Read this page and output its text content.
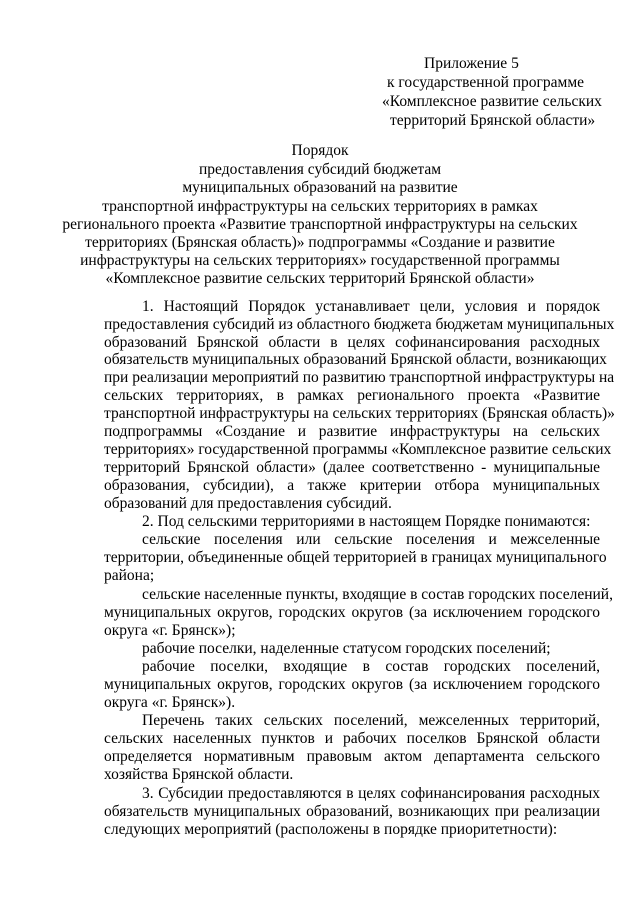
Приложение 5

к государственной программе

«Комплексное развитие сельских

территорий Брянской области»

Порядок

предоставления субсидий бюджетам

муниципальных образований на развитие

транспортной инфраструктуры на сельских территориях в рамках

регионального проекта «Развитие транспортной инфраструктуры на сельских

территориях (Брянская область)» подпрограммы «Создание и развитие

инфраструктуры на сельских территориях» государственной программы

«Комплексное развитие сельских территорий Брянской области»

1. Настоящий Порядок устанавливает цели, условия и порядок

предоставления субсидий из областного бюджета бюджетам муниципальных

образований Брянской области в целях софинансирования расходных

обязательств муниципальных образований Брянской области, возникающих

при реализации мероприятий по развитию транспортной инфраструктуры на

сельских территориях, в рамках регионального проекта «Развитие

транспортной инфраструктуры на сельских территориях (Брянская область)»

подпрограммы «Создание и развитие инфраструктуры на сельских

территориях» государственной программы «Комплексное развитие сельских

территорий Брянской области» (далее соответственно - муниципальные

образования, субсидии), а также критерии отбора муниципальных

образований для предоставления субсидий.

2. Под сельскими территориями в настоящем Порядке понимаются:

сельские поселения или сельские поселения и межселенные

территории, объединенные общей территорией в границах муниципального

района;

сельские населенные пункты, входящие в состав городских поселений,

муниципальных округов, городских округов (за исключением городского

округа «г. Брянск»);

рабочие поселки, наделенные статусом городских поселений;

рабочие поселки, входящие в состав городских поселений,

муниципальных округов, городских округов (за исключением городского

округа «г. Брянск»).

Перечень таких сельских поселений, межселенных территорий,

сельских населенных пунктов и рабочих поселков Брянской области

определяется нормативным правовым актом департамента сельского

хозяйства Брянской области.

3. Субсидии предоставляются в целях софинансирования расходных

обязательств муниципальных образований, возникающих при реализации

следующих мероприятий (расположены в порядке приоритетности):
